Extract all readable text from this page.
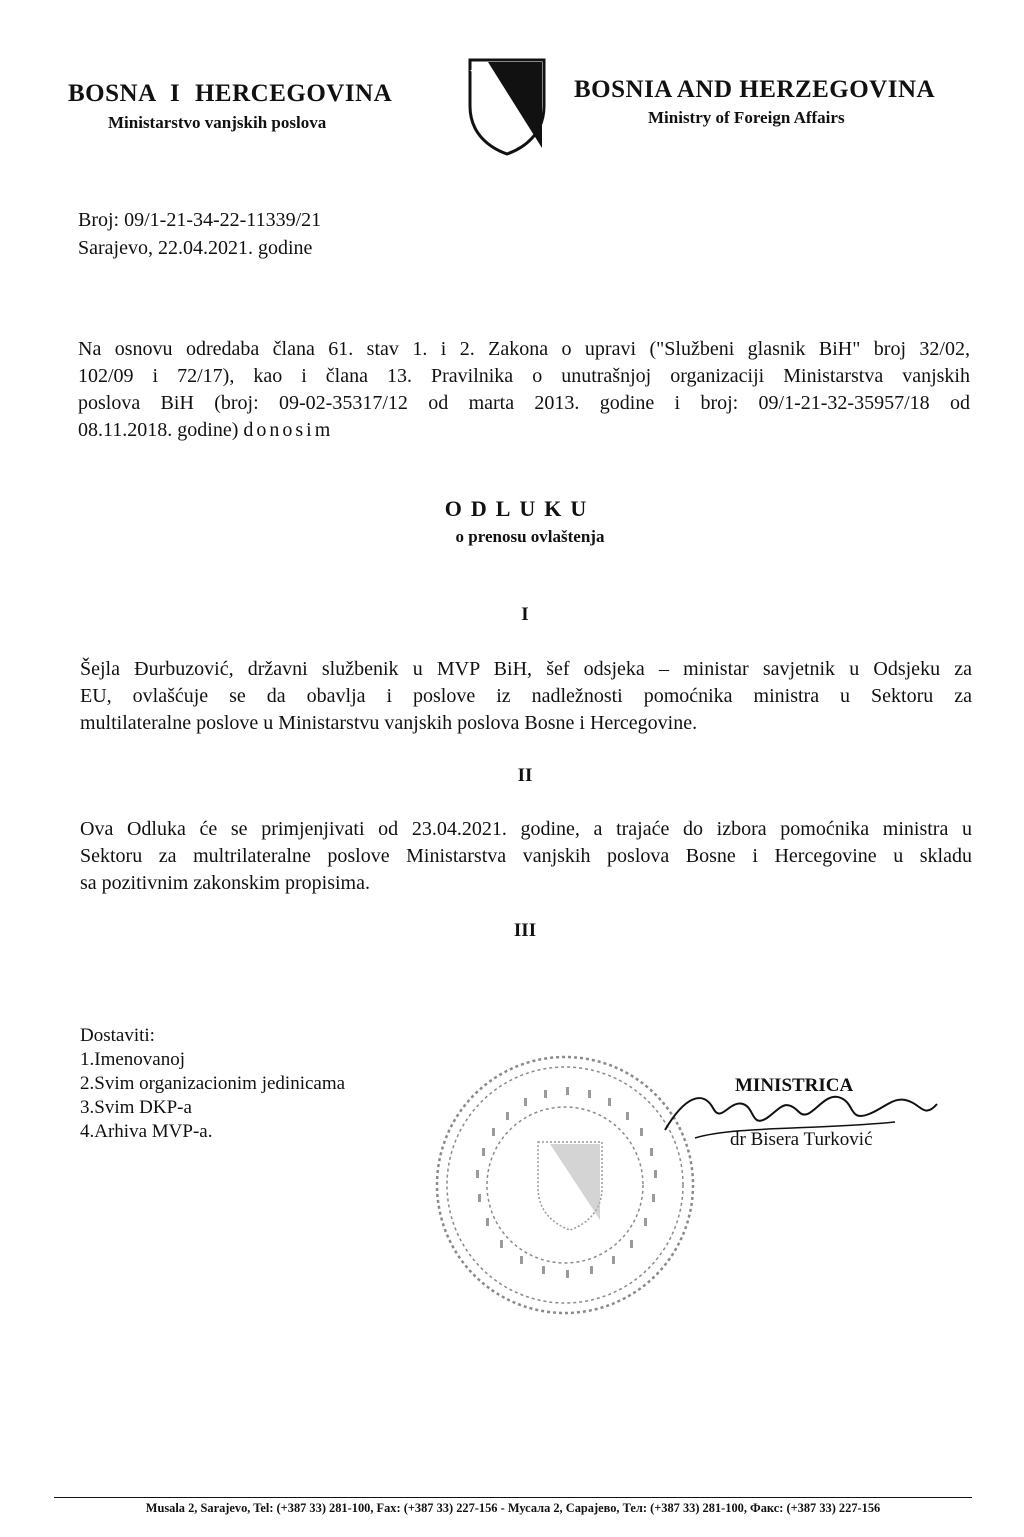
BOSNA I HERCEGOVINA
Ministarstvo vanjskih poslova
BOSNIA AND HERZEGOVINA
Ministry of Foreign Affairs
Broj: 09/1-21-34-22-11339/21
Sarajevo, 22.04.2021. godine
Na osnovu odredaba člana 61. stav 1. i 2. Zakona o upravi ("Službeni glasnik BiH" broj 32/02,
102/09 i 72/17), kao i člana 13. Pravilnika o unutrašnjoj organizaciji Ministarstva vanjskih
poslova BiH (broj: 09-02-35317/12 od marta 2013. godine i broj: 09/1-21-32-35957/18 od
08.11.2018. godine) donosim
ODLUKU
o prenosu ovlaštenja
I
Šejla Đurbuzović, državni službenik u MVP BiH, šef odsjeka – ministar savjetnik u Odsjeku za
EU, ovlašćuje se da obavlja i poslove iz nadležnosti pomoćnika ministra u Sektoru za
multilateralne poslove u Ministarstvu vanjskih poslova Bosne i Hercegovine.
II
Ova Odluka će se primjenjivati od 23.04.2021. godine, a trajaće do izbora pomoćnika ministra u
Sektoru za multrilateralne poslove Ministarstva vanjskih poslova Bosne i Hercegovine u skladu
sa pozitivnim zakonskim propisima.
III
Dostaviti:
1.Imenovanoj
2.Svim organizacionim jedinicama
3.Svim DKP-a
4.Arhiva MVP-a.
MINISTRICA
dr Bisera Turković
Musala 2, Sarajevo, Tel: (+387 33) 281-100, Fax: (+387 33) 227-156 - Мусала 2, Сарајево, Тел: (+387 33) 281-100, Факс: (+387 33) 227-156
